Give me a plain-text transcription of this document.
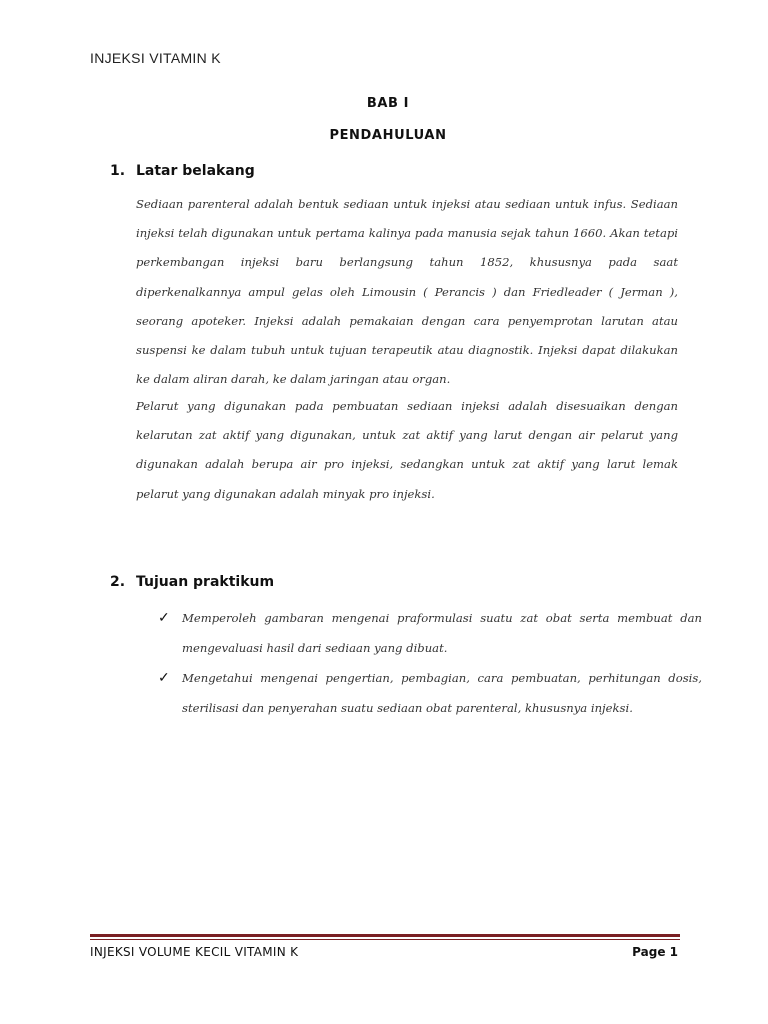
INJEKSI VITAMIN K
BAB I
PENDAHULUAN
1. Latar belakang
Sediaan parenteral adalah bentuk sediaan untuk injeksi atau sediaan untuk infus. Sediaan injeksi telah digunakan untuk pertama kalinya pada manusia sejak tahun 1660. Akan tetapi perkembangan injeksi baru berlangsung tahun 1852, khususnya pada saat diperkenalkannya ampul gelas oleh Limousin ( Perancis ) dan Friedleader ( Jerman ), seorang apoteker. Injeksi adalah pemakaian dengan cara penyemprotan larutan atau suspensi ke dalam tubuh untuk tujuan terapeutik atau diagnostik. Injeksi dapat dilakukan ke dalam aliran darah, ke dalam jaringan atau organ.
Pelarut yang digunakan pada pembuatan sediaan injeksi adalah disesuaikan dengan kelarutan zat aktif yang digunakan, untuk zat aktif yang larut dengan air pelarut yang digunakan adalah berupa air pro injeksi, sedangkan untuk zat aktif yang larut lemak pelarut yang digunakan adalah minyak pro injeksi.
2. Tujuan praktikum
✓ Memperoleh gambaran mengenai praformulasi suatu zat obat serta membuat dan mengevaluasi hasil dari sediaan yang dibuat.
✓ Mengetahui mengenai pengertian, pembagian, cara pembuatan, perhitungan dosis, sterilisasi dan penyerahan suatu sediaan obat parenteral, khususnya injeksi.
INJEKSI VOLUME KECIL VITAMIN K	Page 1
